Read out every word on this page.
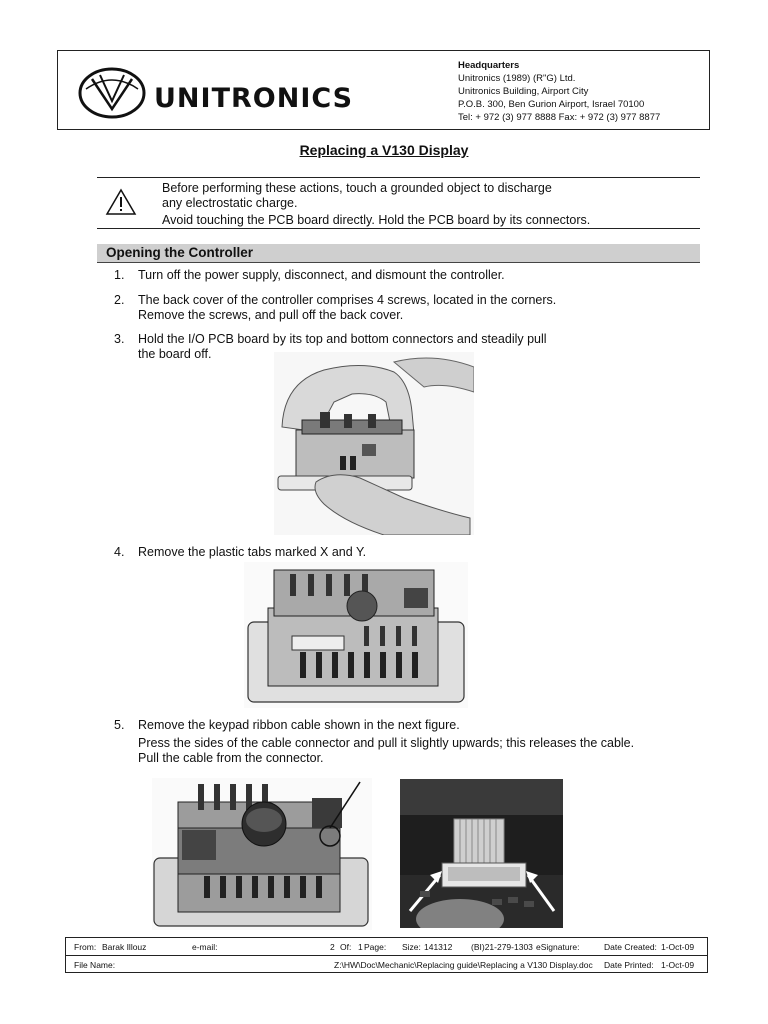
UNITRONICS
Headquarters
Unitronics (1989) (R"G) Ltd.
Unitronics Building, Airport City
P.O.B. 300, Ben Gurion Airport, Israel 70100
Tel: + 972 (3) 977 8888 Fax: + 972 (3) 977 8877
Replacing a V130 Display

Before performing these actions, touch a grounded object to discharge

any electrostatic charge.

Avoid touching the PCB board directly. Hold the PCB board by its connectors.

Opening the Controller
1.	Turn off the power supply, disconnect, and dismount the controller.
2.	The back cover of the controller comprises 4 screws, located in the corners.
Remove the screws, and pull off the back cover.
3.	Hold the I/O PCB board by its top and bottom connectors and steadily pull
the board off.
4.	Remove the plastic tabs marked X and Y.
5.	Remove the keypad ribbon cable shown in the next figure.
Press the sides of the cable connector and pull it slightly upwards; this releases the cable.
Pull the cable from the connector.
From: Barak Illouz	e-mail:	2 Of: 1 Page: Size: 141312 (BI)21-279-1303 eSignature:	Date Created: 1-Oct-09
File Name:	Z:\HW\Doc\Mechanic\Replacing guide\Replacing a V130 Display.doc Date Printed: 1-Oct-09
